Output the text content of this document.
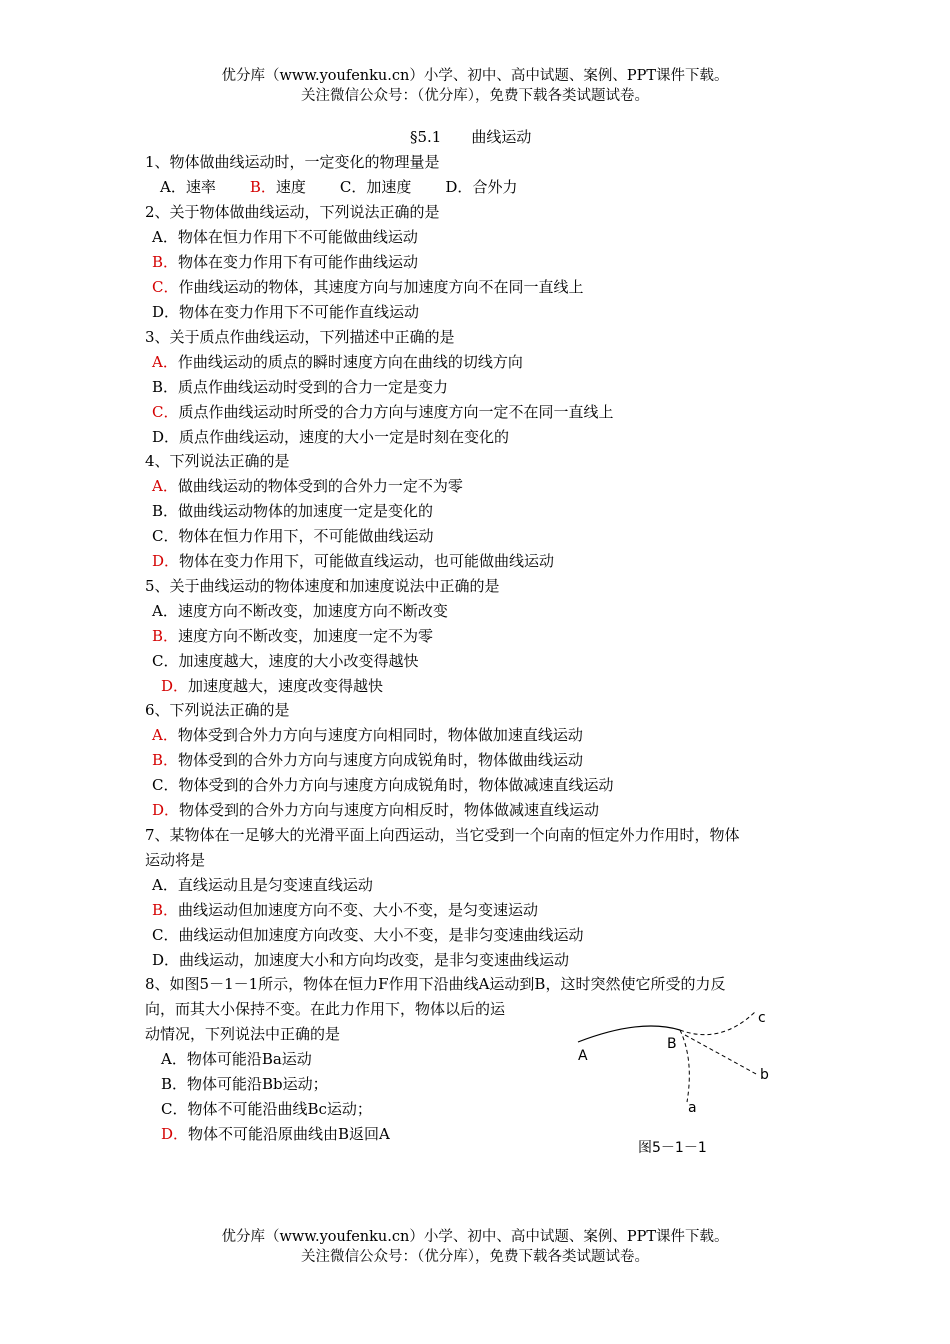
优分库（www.youfenku.cn）小学、初中、高中试题、案例、PPT课件下载。
关注微信公众号：（优分库），免费下载各类试题试卷。
§5.1　　曲线运动
1、物体做曲线运动时，一定变化的物理量是
A．速率 B．速度 C．加速度 D．合外力
2、关于物体做曲线运动，下列说法正确的是
A．物体在恒力作用下不可能做曲线运动
B．物体在变力作用下有可能作曲线运动
C．作曲线运动的物体，其速度方向与加速度方向不在同一直线上
D．物体在变力作用下不可能作直线运动
3、关于质点作曲线运动，下列描述中正确的是
A．作曲线运动的质点的瞬时速度方向在曲线的切线方向
B．质点作曲线运动时受到的合力一定是变力
C．质点作曲线运动时所受的合力方向与速度方向一定不在同一直线上
D．质点作曲线运动，速度的大小一定是时刻在变化的
4、下列说法正确的是
A．做曲线运动的物体受到的合外力一定不为零
B．做曲线运动物体的加速度一定是变化的
C．物体在恒力作用下，不可能做曲线运动
D．物体在变力作用下，可能做直线运动，也可能做曲线运动
5、关于曲线运动的物体速度和加速度说法中正确的是
A．速度方向不断改变，加速度方向不断改变
B．速度方向不断改变，加速度一定不为零
C．加速度越大，速度的大小改变得越快
D．加速度越大，速度改变得越快
6、下列说法正确的是
A．物体受到合外力方向与速度方向相同时，物体做加速直线运动
B．物体受到的合外力方向与速度方向成锐角时，物体做曲线运动
C．物体受到的合外力方向与速度方向成锐角时，物体做减速直线运动
D．物体受到的合外力方向与速度方向相反时，物体做减速直线运动
7、某物体在一足够大的光滑平面上向西运动，当它受到一个向南的恒定外力作用时，物体
运动将是
A．直线运动且是匀变速直线运动
B．曲线运动但加速度方向不变、大小不变，是匀变速运动
C．曲线运动但加速度方向改变、大小不变，是非匀变速曲线运动
D．曲线运动，加速度大小和方向均改变，是非匀变速曲线运动
8、如图5－1－1所示，物体在恒力F作用下沿曲线A运动到B，这时突然使它所受的力反
向，而其大小保持不变。在此力作用下，物体以后的运
动情况，下列说法中正确的是
A．物体可能沿Ba运动
B．物体可能沿Bb运动；
C．物体不可能沿曲线Bc运动；
D．物体不可能沿原曲线由B返回A
A
B
c
b
a
图5－1－1
优分库（www.youfenku.cn）小学、初中、高中试题、案例、PPT课件下载。
关注微信公众号：（优分库），免费下载各类试题试卷。
